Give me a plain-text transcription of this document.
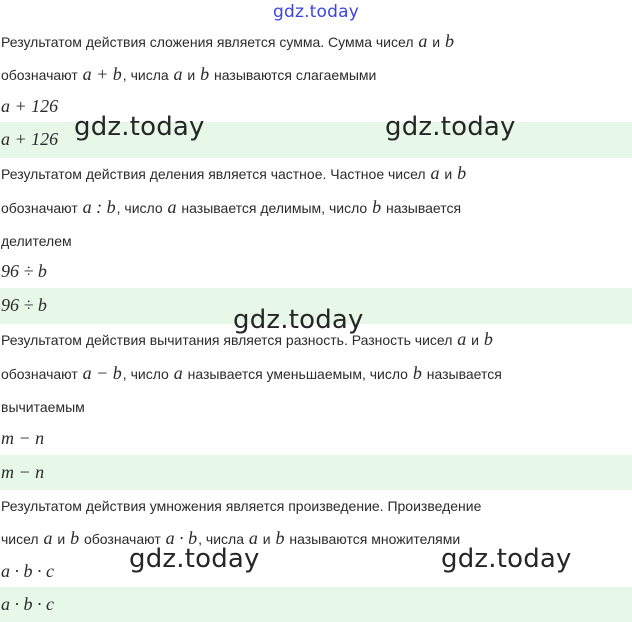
gdz.today
Результатом действия сложения является сумма. Сумма чисел a и b
обозначают a + b, числа a и b называются слагаемыми
a + 126
a + 126
Результатом действия деления является частное. Частное чисел a и b
обозначают a : b, число a называется делимым, число b называется
делителем
96 ÷ b
96 ÷ b
Результатом действия вычитания является разность. Разность чисел a и b
обозначают a − b, число a называется уменьшаемым, число b называется
вычитаемым
m − n
m − n
Результатом действия умножения является произведение. Произведение
чисел a и b обозначают a · b, числа a и b называются множителями
a · b · c
a · b · c
gdz.today	gdz.today
gdz.today
gdz.today	gdz.today
